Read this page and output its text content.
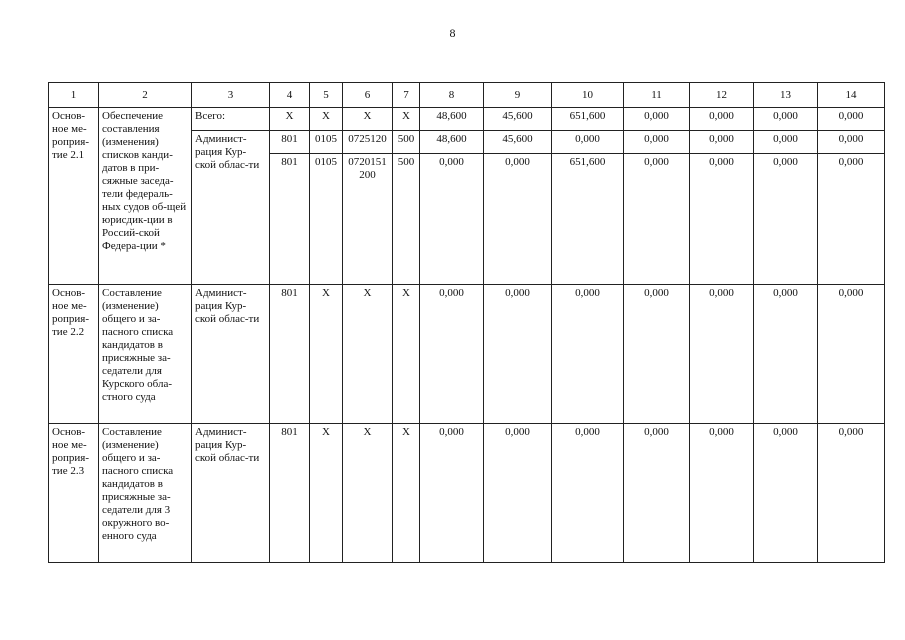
8
1	2	3	4	5	6	7	8	9	10	11	12	13	14
Основ-ное ме-роприя-тие 2.1	Обеспечение составления (изменения) списков канди-датов в при-сяжные заседа-тели федераль-ных судов об-щей юрисдик-ции в Россий-ской Федера-ции *	Всего:	Х	Х	Х	Х	48,600	45,600	651,600	0,000	0,000	0,000	0,000
		Админист-рация Кур-ской облас-ти	801	0105	0725120	500	48,600	45,600	0,000	0,000	0,000	0,000	0,000
			801	0105	0720151 200	500	0,000	0,000	651,600	0,000	0,000	0,000	0,000
Основ-ное ме-роприя-тие 2.2	Составление (изменение) общего и за-пасного списка кандидатов в присяжные за-седатели для Курского обла-стного суда	Админист-рация Кур-ской облас-ти	801	Х	Х	Х	0,000	0,000	0,000	0,000	0,000	0,000	0,000
Основ-ное ме-роприя-тие 2.3	Составление (изменение) общего и за-пасного списка кандидатов в присяжные за-седатели для 3 окружного во-енного суда	Админист-рация Кур-ской облас-ти	801	Х	Х	Х	0,000	0,000	0,000	0,000	0,000	0,000	0,000
